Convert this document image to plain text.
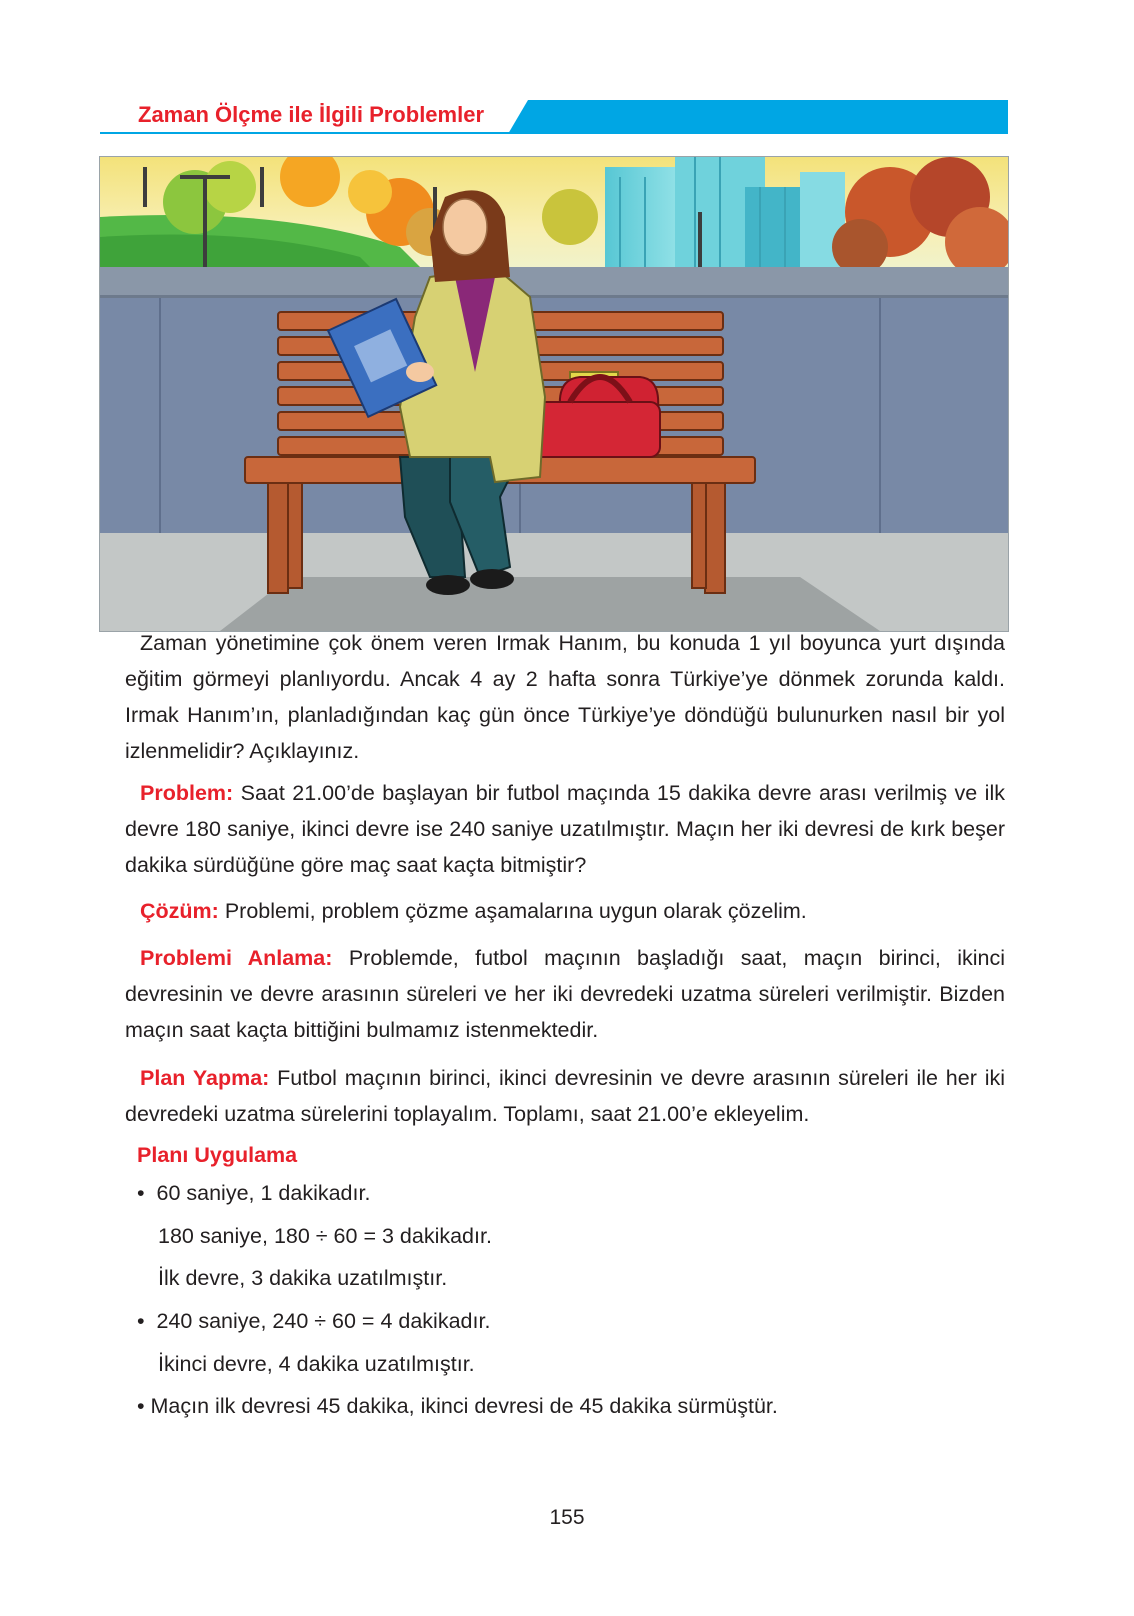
Zaman Ölçme ile İlgili Problemler

Zaman yönetimine çok önem veren Irmak Hanım, bu konuda 1 yıl boyunca yurt dışında eğitim görmeyi planlıyordu. Ancak 4 ay 2 hafta sonra Türkiye’ye dönmek zorunda kaldı. Irmak Hanım’ın, planladığından kaç gün önce Türkiye’ye döndüğü bulunurken nasıl bir yol izlenmelidir? Açıklayınız.

Problem: Saat 21.00’de başlayan bir futbol maçında 15 dakika devre arası verilmiş ve ilk devre 180 saniye, ikinci devre ise 240 saniye uzatılmıştır. Maçın her iki devresi de kırk beşer dakika sürdüğüne göre maç saat kaçta bitmiştir?

Çözüm: Problemi, problem çözme aşamalarına uygun olarak çözelim.

Problemi Anlama: Problemde, futbol maçının başladığı saat, maçın birinci, ikinci devresinin ve devre arasının süreleri ve her iki devredeki uzatma süreleri verilmiştir. Bizden maçın saat kaçta bittiğini bulmamız istenmektedir.

Plan Yapma: Futbol maçının birinci, ikinci devresinin ve devre arasının süreleri ile her iki devredeki uzatma sürelerini toplayalım. Toplamı, saat 21.00’e ekleyelim.

Planı Uygulama
• 60 saniye, 1 dakikadır.
180 saniye, 180 ÷ 60 = 3 dakikadır.
İlk devre, 3 dakika uzatılmıştır.
• 240 saniye, 240 ÷ 60 = 4 dakikadır.
İkinci devre, 4 dakika uzatılmıştır.
• Maçın ilk devresi 45 dakika, ikinci devresi de 45 dakika sürmüştür.
155
